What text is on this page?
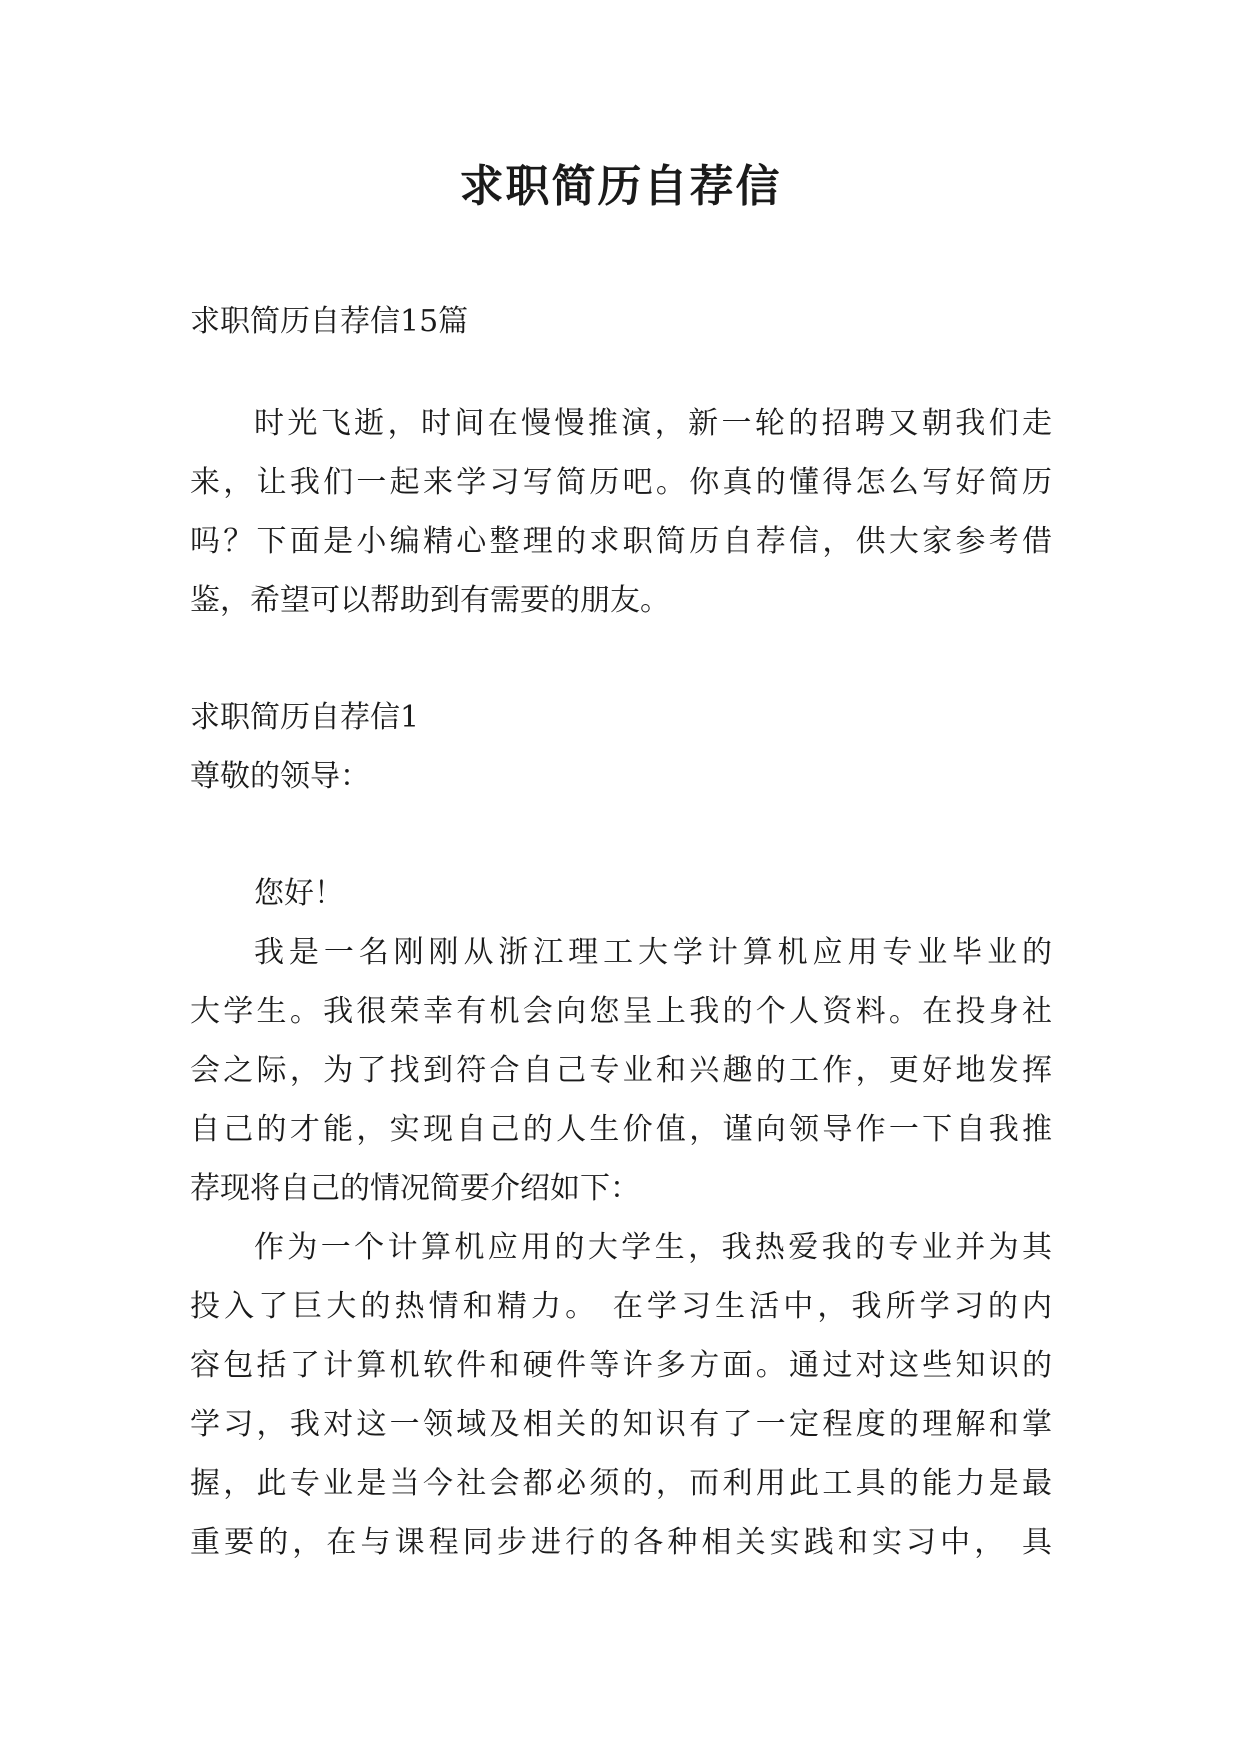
求职简历自荐信
求职简历自荐信15篇
时光飞逝，时间在慢慢推演，新一轮的招聘又朝我们走
来，让我们一起来学习写简历吧。你真的懂得怎么写好简历
吗？下面是小编精心整理的求职简历自荐信，供大家参考借
鉴，希望可以帮助到有需要的朋友。
求职简历自荐信1
尊敬的领导：
您好！
我是一名刚刚从浙江理工大学计算机应用专业毕业的
大学生。我很荣幸有机会向您呈上我的个人资料。在投身社
会之际，为了找到符合自己专业和兴趣的工作，更好地发挥
自己的才能，实现自己的人生价值，谨向领导作一下自我推
荐现将自己的情况简要介绍如下：
作为一个计算机应用的大学生，我热爱我的专业并为其
投入了巨大的热情和精力。 在学习生活中，我所学习的内
容包括了计算机软件和硬件等许多方面。通过对这些知识的
学习，我对这一领域及相关的知识有了一定程度的理解和掌
握，此专业是当今社会都必须的，而利用此工具的能力是最
重要的，在与课程同步进行的各种相关实践和实习中， 具
